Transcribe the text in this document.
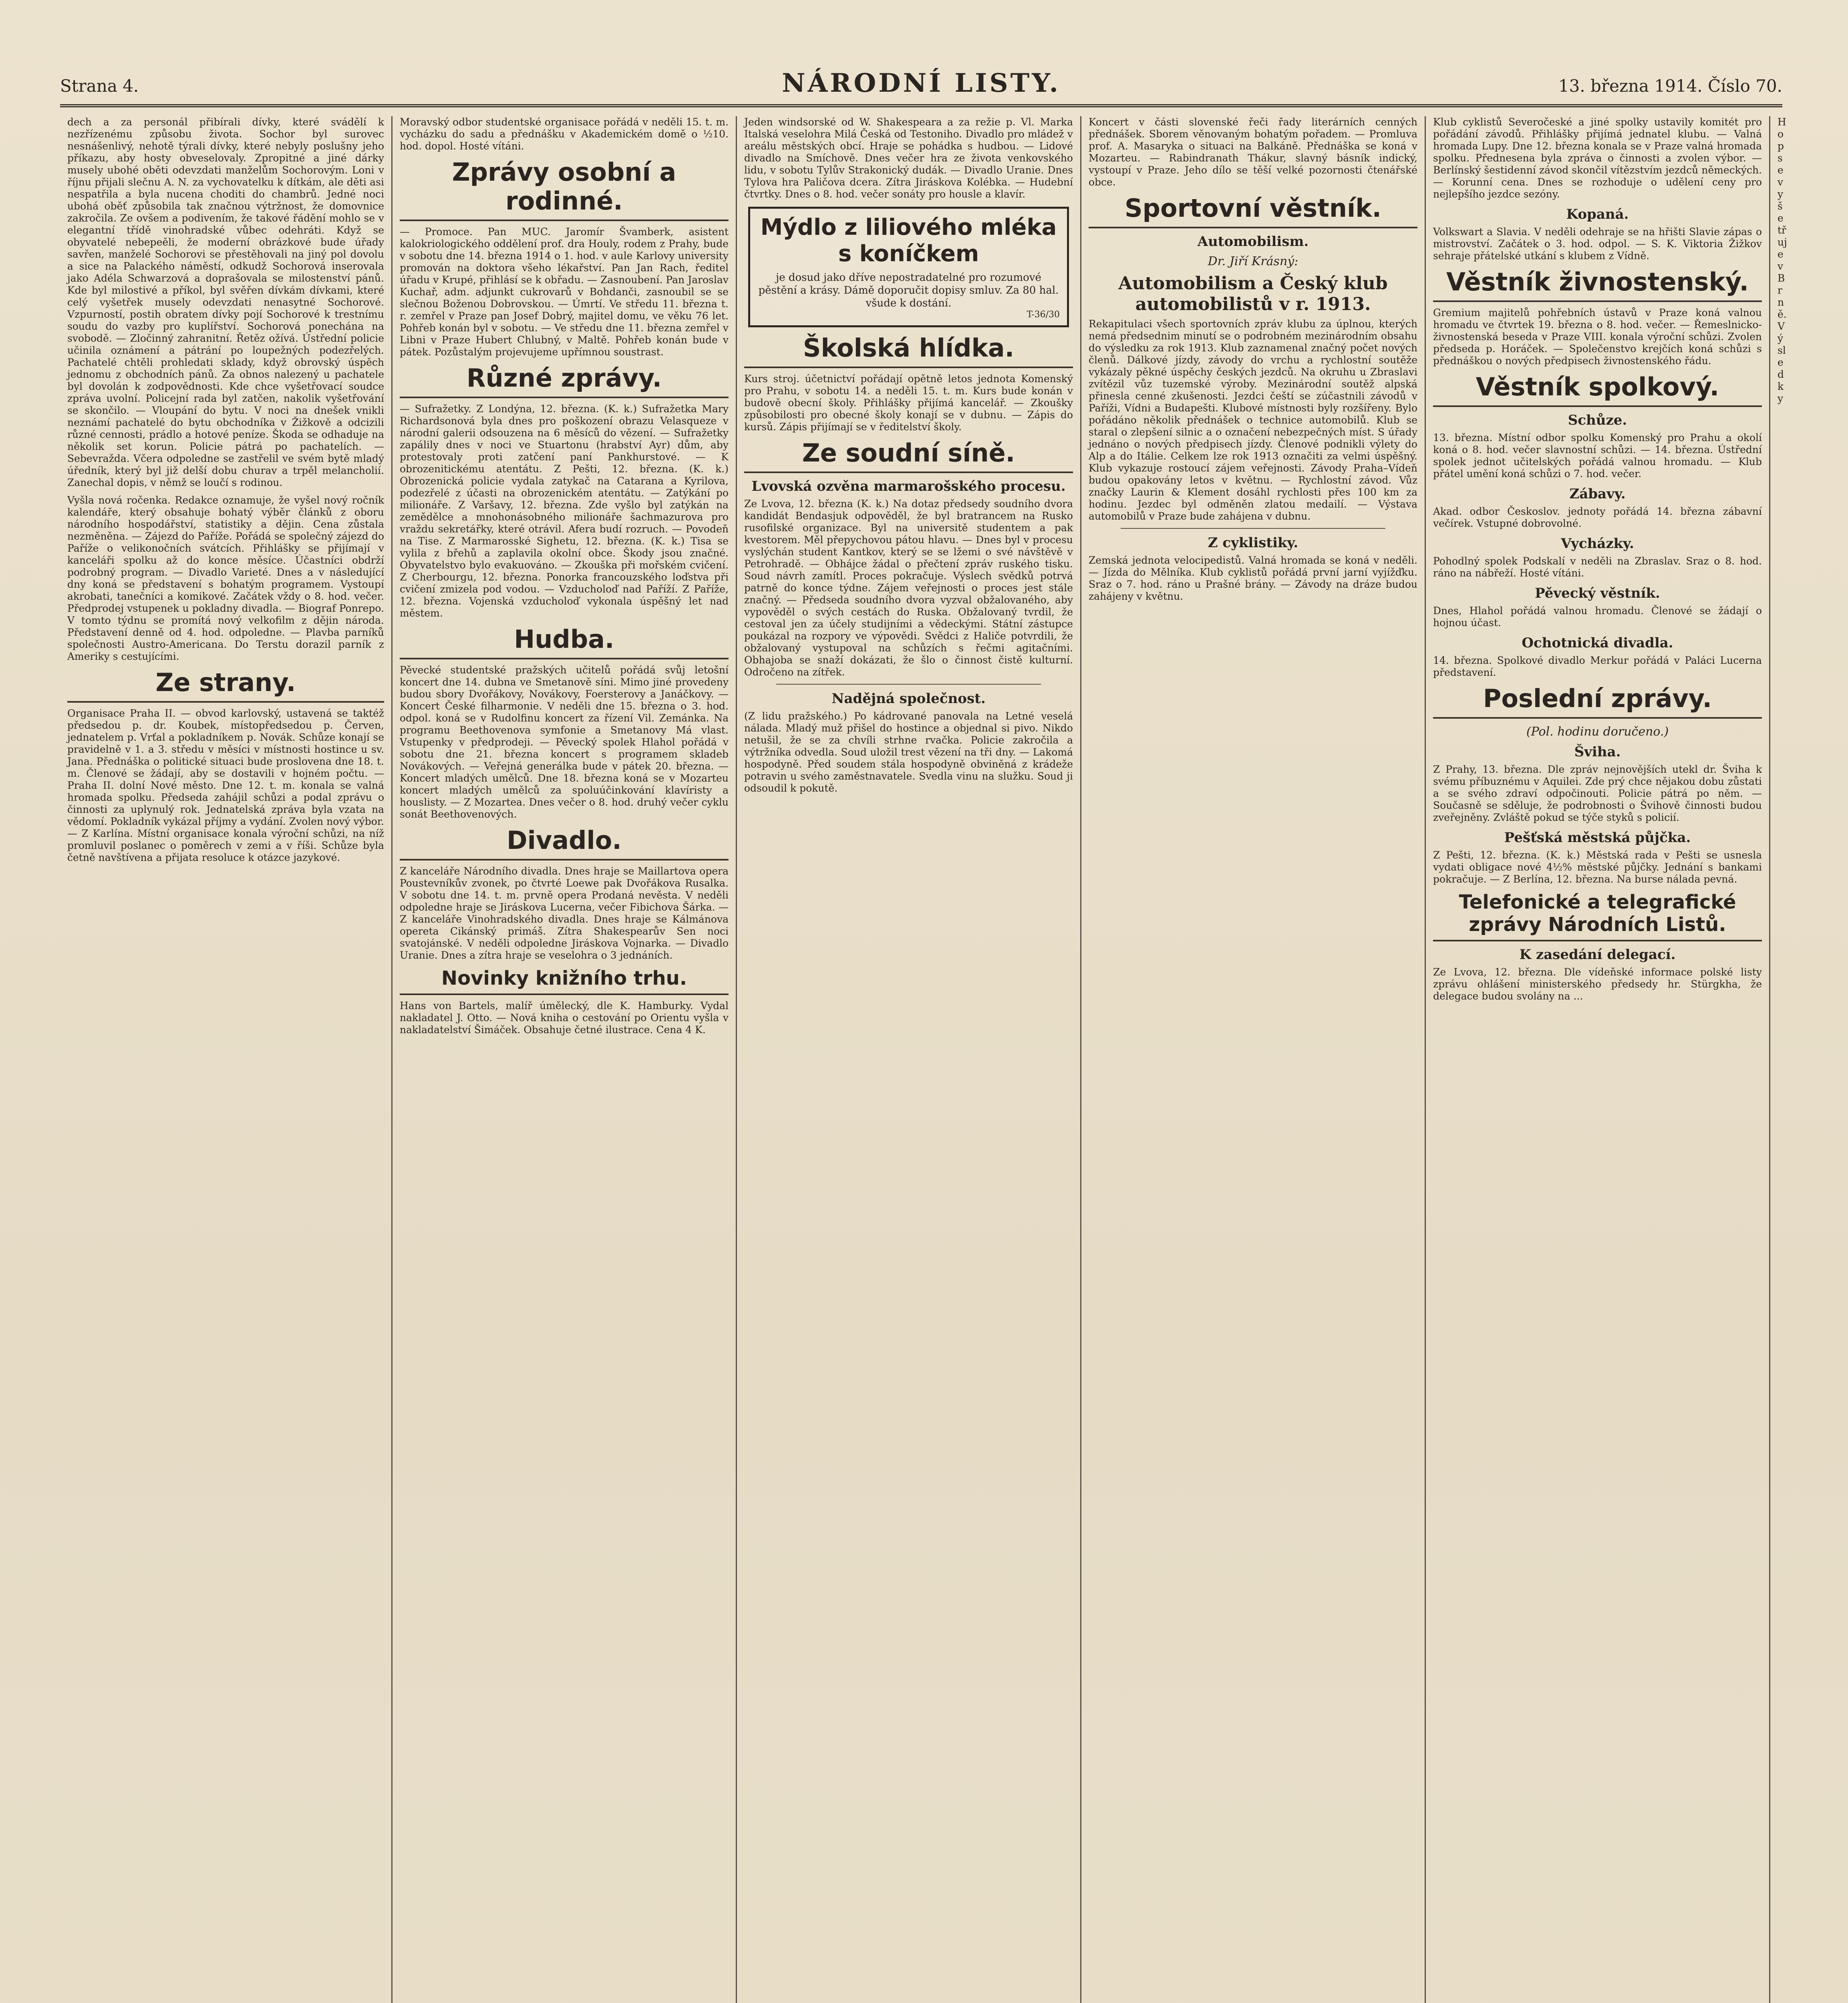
Strana 4.	NÁRODNÍ LISTY.	13. března 1914. Číslo 70.

dech a za personál přibírali dívky, které svádělí k nezřízenému způsobu života. Sochor byl surovec nesnášenlivý, nehotě týrali dívky, které nebyly poslušny jeho příkazu, aby hosty obveselovaly. Zpropitné a jiné dárky musely ubohé oběti odevzdati manželům Sochorovým. Loni v říjnu přijali slečnu A. N. za vychovatelku k dítkám, ale děti asi nespatřila a byla nucena choditi do chambrů. Jedné noci ubohá oběť způsobila tak značnou výtržnost, že domovnice zakročila. Ze ovšem a podivením, že takové řádění mohlo se v elegantní třídě vinohradské vůbec odehráti. Když se obyvatelé nebepeěli, že moderní obrázkové bude úřady savřen, manželé Sochorovi se přestěhovali na jiný pol dovolu a sice na Palackého náměstí, odkudž Sochorová inserovala jako Adéla Schwarzová a doprašovala se milostenství pánů. Kde byl milostivé a příkol, byl svěřen dívkám dívkami, které celý vyšetřek musely odevzdati nenasytné Sochorové. Vzpurností, postih obratem dívky pojí Sochorové k trestnímu soudu do vazby pro kuplířství. Sochorová ponechána na svobodě. — Zločinný zahranitní. Řetěz ožívá. Ústřední policie učinila oznámení a pátrání po loupežných podezřelých. Pachatelé chtěli prohledati sklady, když obrovský úspěch jednomu z obchodních pánů. Za obnos nalezený u pachatele byl dovolán k zodpovědnosti. Kde chce vyšetřovací soudce zpráva uvolní. Policejní rada byl zatčen, nakolik vyšetřování se skončilo. — Vloupání do bytu. V noci na dnešek vnikli neznámí pachatelé do bytu obchodníka v Žižkově a odcizili různé cennosti, prádlo a hotové peníze. Škoda se odhaduje na několik set korun. Policie pátrá po pachatelích. — Sebevražda. Včera odpoledne se zastřelil ve svém bytě mladý úředník, který byl již delší dobu churav a trpěl melancholií. Zanechal dopis, v němž se loučí s rodinou.

Vyšla nová ročenka. Redakce oznamuje, že vyšel nový ročník kalendáře, který obsahuje bohatý výběr článků z oboru národního hospodářství, statistiky a dějin. Cena zůstala nezměněna. — Zájezd do Paříže. Pořádá se společný zájezd do Paříže o velikonočních svátcích. Přihlášky se přijímají v kanceláři spolku až do konce měsíce. Účastníci obdrží podrobný program. — Divadlo Varieté. Dnes a v následující dny koná se představení s bohatým programem. Vystoupí akrobati, tanečníci a komikové. Začátek vždy o 8. hod. večer. Předprodej vstupenek u pokladny divadla. — Biograf Ponrepo. V tomto týdnu se promítá nový velkofilm z dějin národa. Představení denně od 4. hod. odpoledne. — Plavba parníků společnosti Austro-Americana. Do Terstu dorazil parník z Ameriky s cestujícími.

Ze strany.

Organisace Praha II. — obvod karlovský, ustavená se taktéž předsedou p. dr. Koubek, místopředsedou p. Červen, jednatelem p. Vrťal a pokladníkem p. Novák. Schůze konají se pravidelně v 1. a 3. středu v měsíci v místnosti hostince u sv. Jana. Přednáška o politické situaci bude proslovena dne 18. t. m. Členové se žádají, aby se dostavili v hojném počtu. — Praha II. dolní Nové město. Dne 12. t. m. konala se valná hromada spolku. Předseda zahájil schůzi a podal zprávu o činnosti za uplynulý rok. Jednatelská zpráva byla vzata na vědomí. Pokladník vykázal příjmy a vydání. Zvolen nový výbor. — Z Karlína. Místní organisace konala výroční schůzi, na níž promluvil poslanec o poměrech v zemi a v říši. Schůze byla četně navštívena a přijata resoluce k otázce jazykové.

Moravský odbor studentské organisace pořádá v neděli 15. t. m. vycházku do sadu a přednášku v Akademickém domě o ½10. hod. dopol. Hosté vítáni.

Zprávy osobní a rodinné.

— Promoce. Pan MUC. Jaromír Švamberk, asistent kalokriologického oddělení prof. dra Houly, rodem z Prahy, bude v sobotu dne 14. března 1914 o 1. hod. v aule Karlovy university promován na doktora všeho lékařství. Pan Jan Rach, ředitel úřadu v Krupé, přihlásí se k obřadu. — Zasnoubení. Pan Jaroslav Kuchař, adm. adjunkt cukrovarů v Bohdanči, zasnoubil se se slečnou Boženou Dobrovskou. — Úmrtí. Ve středu 11. března t. r. zemřel v Praze pan Josef Dobrý, majitel domu, ve věku 76 let. Pohřeb konán byl v sobotu. — Ve středu dne 11. března zemřel v Libni v Praze Hubert Chlubný, v Maltě. Pohřeb konán bude v pátek. Pozůstalým projevujeme upřímnou soustrast.

Různé zprávy.

— Sufražetky. Z Londýna, 12. března. (K. k.) Sufražetka Mary Richardsonová byla dnes pro poškození obrazu Velasqueze v národní galerii odsouzena na 6 měsíců do vězení. — Sufražetky zapálily dnes v noci ve Stuartonu (hrabství Ayr) dům, aby protestovaly proti zatčení paní Pankhurstové. — K obrozenitickému atentátu. Z Pešti, 12. března. (K. k.) Obrozenická policie vydala zatykač na Catarana a Kyrilova, podezřelé z účasti na obrozenickém atentátu. — Zatýkání po milionáře. Z Varšavy, 12. března. Zde vyšlo byl zatýkán na zemědělce a mnohonásobného milionáře šachmazurova pro vraždu sekretářky, které otrávil. Afera budí rozruch. — Povodeň na Tise. Z Marmarosské Sighetu, 12. března. (K. k.) Tisa se vylila z břehů a zaplavila okolní obce. Škody jsou značné. Obyvatelstvo bylo evakuováno. — Zkouška při mořském cvičení. Z Cherbourgu, 12. března. Ponorka francouzského loďstva při cvičení zmizela pod vodou. — Vzducholoď nad Paříží. Z Paříže, 12. března. Vojenská vzducholoď vykonala úspěšný let nad městem.

Hudba.

Pěvecké studentské pražských učitelů pořádá svůj letošní koncert dne 14. dubna ve Smetanově síni. Mimo jiné provedeny budou sbory Dvořákovy, Novákovy, Foersterovy a Janáčkovy. — Koncert České filharmonie. V neděli dne 15. března o 3. hod. odpol. koná se v Rudolfinu koncert za řízení Vil. Zemánka. Na programu Beethovenova symfonie a Smetanovy Má vlast. Vstupenky v předprodeji. — Pěvecký spolek Hlahol pořádá v sobotu dne 21. března koncert s programem skladeb Novákových. — Veřejná generálka bude v pátek 20. března. — Koncert mladých umělců. Dne 18. března koná se v Mozarteu koncert mladých umělců za spoluúčinkování klavíristy a houslisty. — Z Mozartea. Dnes večer o 8. hod. druhý večer cyklu sonát Beethovenových.

Divadlo.

Z kanceláře Národního divadla. Dnes hraje se Maillartova opera Poustevníkův zvonek, po čtvrté Loewe pak Dvořákova Rusalka. V sobotu dne 14. t. m. prvně opera Prodaná nevěsta. V neděli odpoledne hraje se Jiráskova Lucerna, večer Fibichova Šárka. — Z kanceláře Vinohradského divadla. Dnes hraje se Kálmánova opereta Cikánský primáš. Zítra Shakespearův Sen noci svatojánské. V neděli odpoledne Jiráskova Vojnarka. — Divadlo Uranie. Dnes a zítra hraje se veselohra o 3 jednáních.

Novinky knižního trhu.

Hans von Bartels, malíř úmělecký, dle K. Hamburky. Vydal nakladatel J. Otto. — Nová kniha o cestování po Orientu vyšla v nakladatelství Šimáček. Obsahuje četné ilustrace. Cena 4 K.

Jeden windsorské od W. Shakespeara a za režie p. Vl. Marka Italská veselohra Milá Česká od Testoniho. Divadlo pro mládež v areálu městských obcí. Hraje se pohádka s hudbou. — Lidové divadlo na Smíchově. Dnes večer hra ze života venkovského lidu, v sobotu Tylův Strakonický dudák. — Divadlo Uranie. Dnes Tylova hra Paličova dcera. Zítra Jiráskova Kolébka. — Hudební čtvrtky. Dnes o 8. hod. večer sonáty pro housle a klavír.

Mýdlo z liliového mléka s koníčkem
je dosud jako dříve nepostradatelné pro rozumové pěstění a krásy. Dámě doporučit dopisy smluv. Za 80 hal. všude k dostání.
T-36/30
Školská hlídka.

Kurs stroj. účetnictví pořádají opětně letos jednota Komenský pro Prahu, v sobotu 14. a neděli 15. t. m. Kurs bude konán v budově obecní školy. Přihlášky přijímá kancelář. — Zkoušky způsobilosti pro obecné školy konají se v dubnu. — Zápis do kursů. Zápis přijímají se v ředitelství školy.

Ze soudní síně.
Lvovská ozvěna marmarošského procesu.

Ze Lvova, 12. března (K. k.) Na dotaz předsedy soudního dvora kandidát Bendasjuk odpověděl, že byl bratrancem na Rusko rusofilské organizace. Byl na universitě studentem a pak kvestorem. Měl přepychovou pátou hlavu. — Dnes byl v procesu vyslýchán student Kantkov, který se se lžemi o své návštěvě v Petrohradě. — Obhájce žádal o přečtení zpráv ruského tisku. Soud návrh zamítl. Proces pokračuje. Výslech svědků potrvá patrně do konce týdne. Zájem veřejnosti o proces jest stále značný. — Předseda soudního dvora vyzval obžalovaného, aby vypověděl o svých cestách do Ruska. Obžalovaný tvrdil, že cestoval jen za účely studijními a vědeckými. Státní zástupce poukázal na rozpory ve výpovědi. Svědci z Haliče potvrdili, že obžalovaný vystupoval na schůzích s řečmi agitačními. Obhajoba se snaží dokázati, že šlo o činnost čistě kulturní. Odročeno na zítřek.

Nadějná společnost.

(Z lidu pražského.) Po kádrované panovala na Letné veselá nálada. Mladý muž přišel do hostince a objednal si pivo. Nikdo netušil, že se za chvíli strhne rvačka. Policie zakročila a výtržníka odvedla. Soud uložil trest vězení na tři dny. — Lakomá hospodyně. Před soudem stála hospodyně obviněná z krádeže potravin u svého zaměstnavatele. Svedla vinu na služku. Soud ji odsoudil k pokutě.

Koncert v části slovenské řeči řady literárních cenných přednášek. Sborem věnovaným bohatým pořadem. — Promluva prof. A. Masaryka o situaci na Balkáně. Přednáška se koná v Mozarteu. — Rabindranath Thákur, slavný básník indický, vystoupí v Praze. Jeho dílo se těší velké pozornosti čtenářské obce.

Sportovní věstník.
Automobilism.
Dr. Jiří Krásný:
Automobilism a Český klub automobilistů v r. 1913.

Rekapitulaci všech sportovních zpráv klubu za úplnou, kterých nemá předsednim minutí se o podrobném mezinárodním obsahu do výsledku za rok 1913. Klub zaznamenal značný počet nových členů. Dálkové jízdy, závody do vrchu a rychlostní soutěže vykázaly pěkné úspěchy českých jezdců. Na okruhu u Zbraslavi zvítězil vůz tuzemské výroby. Mezinárodní soutěž alpská přinesla cenné zkušenosti. Jezdci čeští se zúčastnili závodů v Paříži, Vídni a Budapešti. Klubové místnosti byly rozšířeny. Bylo pořádáno několik přednášek o technice automobilů. Klub se staral o zlepšení silnic a o označení nebezpečných míst. S úřady jednáno o nových předpisech jízdy. Členové podnikli výlety do Alp a do Itálie. Celkem lze rok 1913 označiti za velmi úspěšný. Klub vykazuje rostoucí zájem veřejnosti. Závody Praha–Vídeň budou opakovány letos v květnu. — Rychlostní závod. Vůz značky Laurin & Klement dosáhl rychlosti přes 100 km za hodinu. Jezdec byl odměněn zlatou medailí. — Výstava automobilů v Praze bude zahájena v dubnu.

Z cyklistiky.

Zemská jednota velocipedistů. Valná hromada se koná v neděli. — Jízda do Mělníka. Klub cyklistů pořádá první jarní vyjížďku. Sraz o 7. hod. ráno u Prašné brány. — Závody na dráze budou zahájeny v květnu.

Klub cyklistů Severočeské a jiné spolky ustavily komitét pro pořádání závodů. Přihlášky přijímá jednatel klubu. — Valná hromada Lupy. Dne 12. března konala se v Praze valná hromada spolku. Přednesena byla zpráva o činnosti a zvolen výbor. — Berlínský šestidenní závod skončil vítězstvím jezdců německých. — Korunní cena. Dnes se rozhoduje o udělení ceny pro nejlepšího jezdce sezóny.

Kopaná.

Volkswart a Slavia. V neděli odehraje se na hřišti Slavie zápas o mistrovství. Začátek o 3. hod. odpol. — S. K. Viktoria Žižkov sehraje přátelské utkání s klubem z Vídně.

Věstník živnostenský.

Gremium majitelů pohřebních ústavů v Praze koná valnou hromadu ve čtvrtek 19. března o 8. hod. večer. — Řemeslnicko-živnostenská beseda v Praze VIII. konala výroční schůzi. Zvolen předseda p. Horáček. — Společenstvo krejčích koná schůzi s přednáškou o nových předpisech živnostenského řádu.

Věstník spolkový.
Schůze.

13. března. Místní odbor spolku Komenský pro Prahu a okolí koná o 8. hod. večer slavnostní schůzi. — 14. března. Ústřední spolek jednot učitelských pořádá valnou hromadu. — Klub přátel umění koná schůzi o 7. hod. večer.

Zábavy.

Akad. odbor Českoslov. jednoty pořádá 14. března zábavní večírek. Vstupné dobrovolné.

Vycházky.

Pohodlný spolek Podskalí v neděli na Zbraslav. Sraz o 8. hod. ráno na nábřeží. Hosté vítáni.

Pěvecký věstník.

Dnes, Hlahol pořádá valnou hromadu. Členové se žádají o hojnou účast.

Ochotnická divadla.

14. března. Spolkové divadlo Merkur pořádá v Paláci Lucerna představení.

Poslední zprávy.
(Pol. hodinu doručeno.)
Šviha.

Z Prahy, 13. března. Dle zpráv nejnovějších utekl dr. Šviha k svému příbuznému v Aquilei. Zde prý chce nějakou dobu zůstati a se svého zdraví odpočinouti. Policie pátrá po něm. — Současně se sděluje, že podrobnosti o Švihově činnosti budou zveřejněny. Zvláště pokud se týče styků s policií.

Pešťská městská půjčka.

Z Pešti, 12. března. (K. k.) Městská rada v Pešti se usnesla vydati obligace nové 4½% městské půjčky. Jednání s bankami pokračuje. — Z Berlína, 12. března. Na burse nálada pevná.

Telefonické a telegrafické zprávy Národních Listů.
K zasedání delegací.

Ze Lvova, 12. března. Dle vídeňské informace polské listy zprávu ohlášení ministerského předsedy hr. Stürgkha, že delegace budou svolány na ...

Hop se vyšetřuje v Brně. Výsledky
